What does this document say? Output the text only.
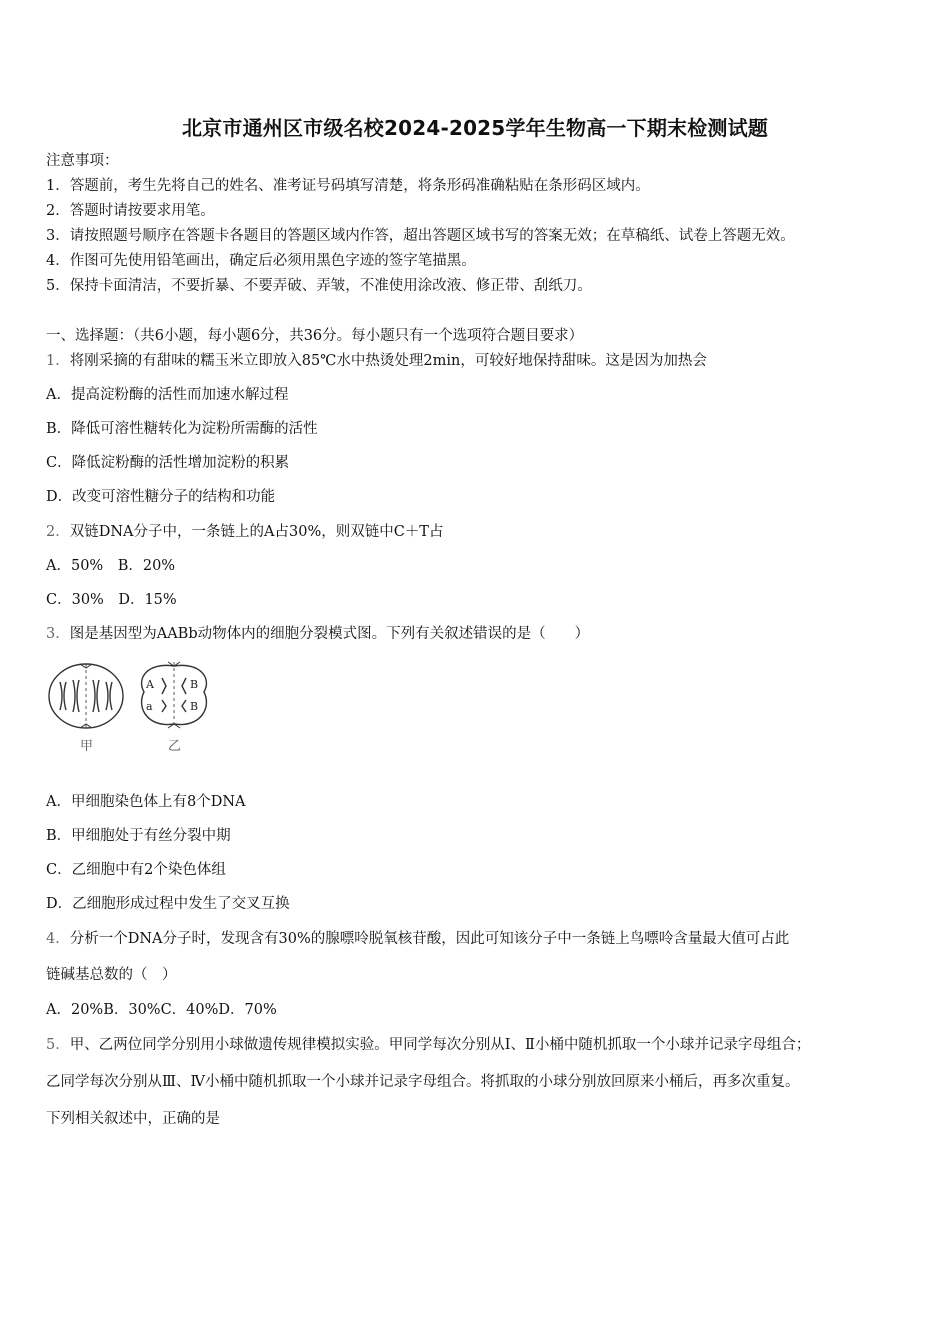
北京市通州区市级名校2024-2025学年生物高一下期末检测试题
注意事项：
1．答题前，考生先将自己的姓名、准考证号码填写清楚，将条形码准确粘贴在条形码区域内。
2．答题时请按要求用笔。
3．请按照题号顺序在答题卡各题目的答题区域内作答，超出答题区域书写的答案无效；在草稿纸、试卷上答题无效。
4．作图可先使用铅笔画出，确定后必须用黑色字迹的签字笔描黑。
5．保持卡面清洁，不要折暴、不要弄破、弄皱，不准使用涂改液、修正带、刮纸刀。
一、选择题：（共6小题，每小题6分，共36分。每小题只有一个选项符合题目要求）
1．将刚采摘的有甜味的糯玉米立即放入85℃水中热烫处理2min，可较好地保持甜味。这是因为加热会
A．提高淀粉酶的活性而加速水解过程
B．降低可溶性糖转化为淀粉所需酶的活性
C．降低淀粉酶的活性增加淀粉的积累
D．改变可溶性糖分子的结构和功能
2．双链DNA分子中，一条链上的A占30%，则双链中C＋T占
A．50%　B．20%
C．30%　D．15%
3．图是基因型为AABb动物体内的细胞分裂模式图。下列有关叙述错误的是（　　）
A	B
a	B
甲	乙
A．甲细胞染色体上有8个DNA
B．甲细胞处于有丝分裂中期
C．乙细胞中有2个染色体组
D．乙细胞形成过程中发生了交叉互换
4．分析一个DNA分子时，发现含有30%的腺嘌呤脱氧核苷酸，因此可知该分子中一条链上鸟嘌呤含量最大值可占此
链碱基总数的（　）
A．20%B．30%C．40%D．70%
5．甲、乙两位同学分别用小球做遗传规律模拟实验。甲同学每次分别从Ⅰ、Ⅱ小桶中随机抓取一个小球并记录字母组合；
乙同学每次分别从Ⅲ、Ⅳ小桶中随机抓取一个小球并记录字母组合。将抓取的小球分别放回原来小桶后，再多次重复。
下列相关叙述中，正确的是
